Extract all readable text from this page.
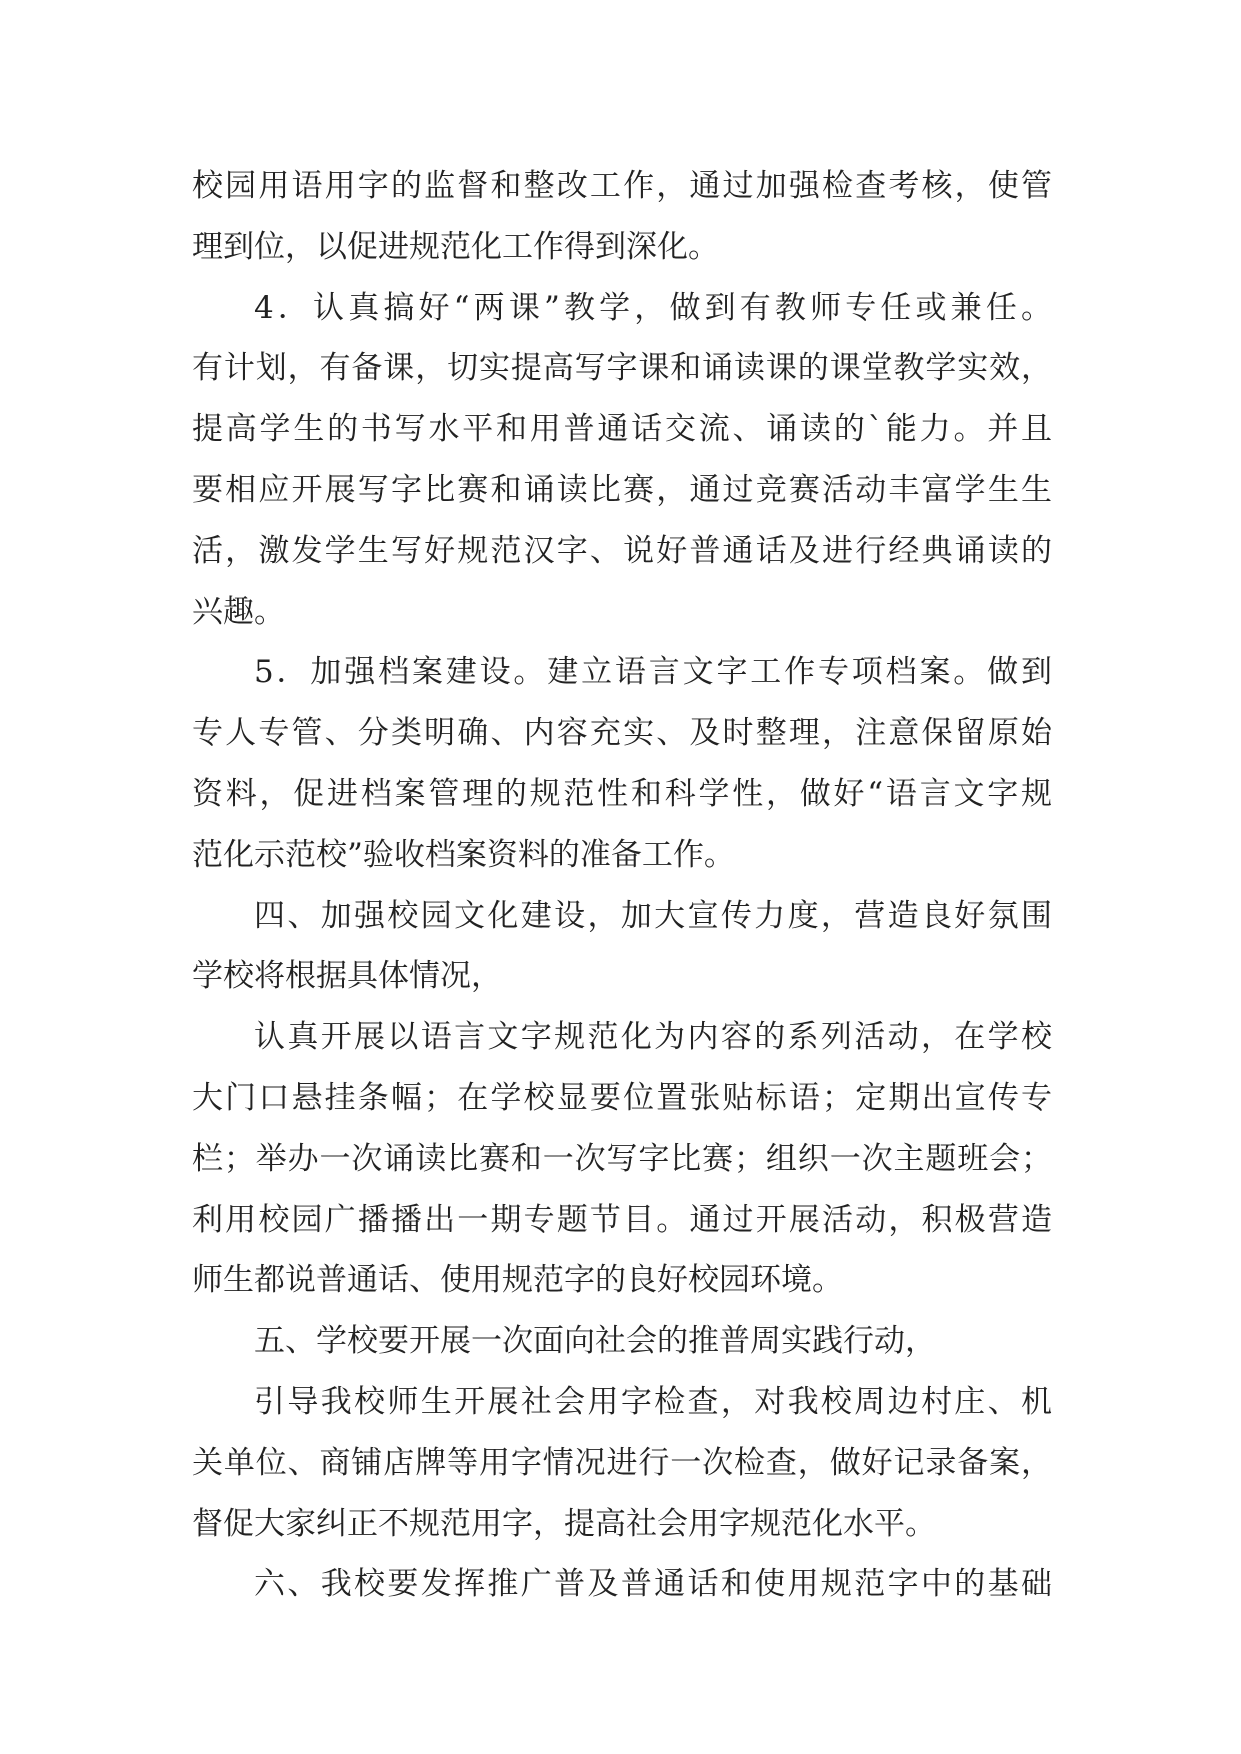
校园用语用字的监督和整改工作，通过加强检查考核，使管
理到位，以促进规范化工作得到深化。
4．认真搞好“两课”教学，做到有教师专任或兼任。
有计划，有备课，切实提高写字课和诵读课的课堂教学实效，
提高学生的书写水平和用普通话交流、诵读的`能力。并且
要相应开展写字比赛和诵读比赛，通过竞赛活动丰富学生生
活，激发学生写好规范汉字、说好普通话及进行经典诵读的
兴趣。
5．加强档案建设。建立语言文字工作专项档案。做到
专人专管、分类明确、内容充实、及时整理，注意保留原始
资料，促进档案管理的规范性和科学性，做好“语言文字规
范化示范校”验收档案资料的准备工作。
四、加强校园文化建设，加大宣传力度，营造良好氛围
学校将根据具体情况，
认真开展以语言文字规范化为内容的系列活动，在学校
大门口悬挂条幅；在学校显要位置张贴标语；定期出宣传专
栏；举办一次诵读比赛和一次写字比赛；组织一次主题班会；
利用校园广播播出一期专题节目。通过开展活动，积极营造
师生都说普通话、使用规范字的良好校园环境。
五、学校要开展一次面向社会的推普周实践行动，
引导我校师生开展社会用字检查，对我校周边村庄、机
关单位、商铺店牌等用字情况进行一次检查，做好记录备案，
督促大家纠正不规范用字，提高社会用字规范化水平。
六、我校要发挥推广普及普通话和使用规范字中的基础
